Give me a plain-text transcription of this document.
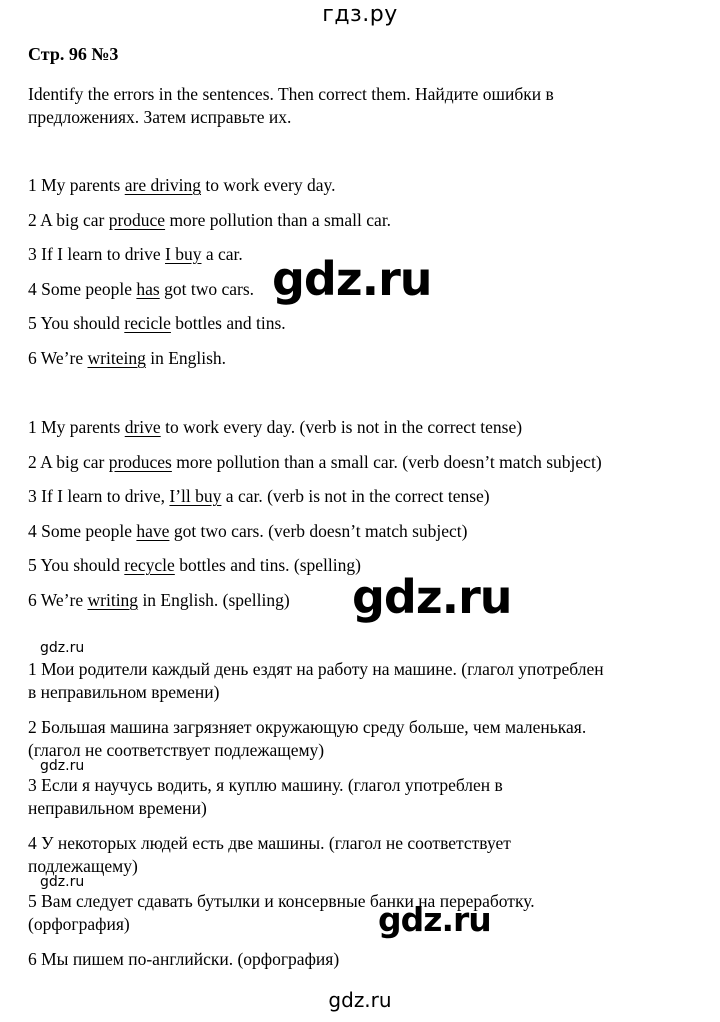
гдз.ру
Стр. 96 №3
Identify the errors in the sentences. Then correct them. Найдите ошибки в
предложениях. Затем исправьте их.
1 My parents are driving to work every day.
2 A big car produce more pollution than a small car.
3 If I learn to drive I buy a car.
4 Some people has got two cars.
5 You should recicle bottles and tins.
6 We’re writeing in English.
1 My parents drive to work every day. (verb is not in the correct tense)
2 A big car produces more pollution than a small car. (verb doesn’t match subject)
3 If I learn to drive, I’ll buy a car. (verb is not in the correct tense)
4 Some people have got two cars. (verb doesn’t match subject)
5 You should recycle bottles and tins. (spelling)
6 We’re writing in English. (spelling)
1 Мои родители каждый день ездят на работу на машине. (глагол употреблен
в неправильном времени)
2 Большая машина загрязняет окружающую среду больше, чем маленькая.
(глагол не соответствует подлежащему)
3 Если я научусь водить, я куплю машину. (глагол употреблен в
неправильном времени)
4 У некоторых людей есть две машины. (глагол не соответствует
подлежащему)
5 Вам следует сдавать бутылки и консервные банки на переработку.
(орфография)
6 Мы пишем по-английски. (орфография)
gdz.ru
gdz.ru
gdz.ru
gdz.ru
gdz.ru
gdz.ru
gdz.ru
